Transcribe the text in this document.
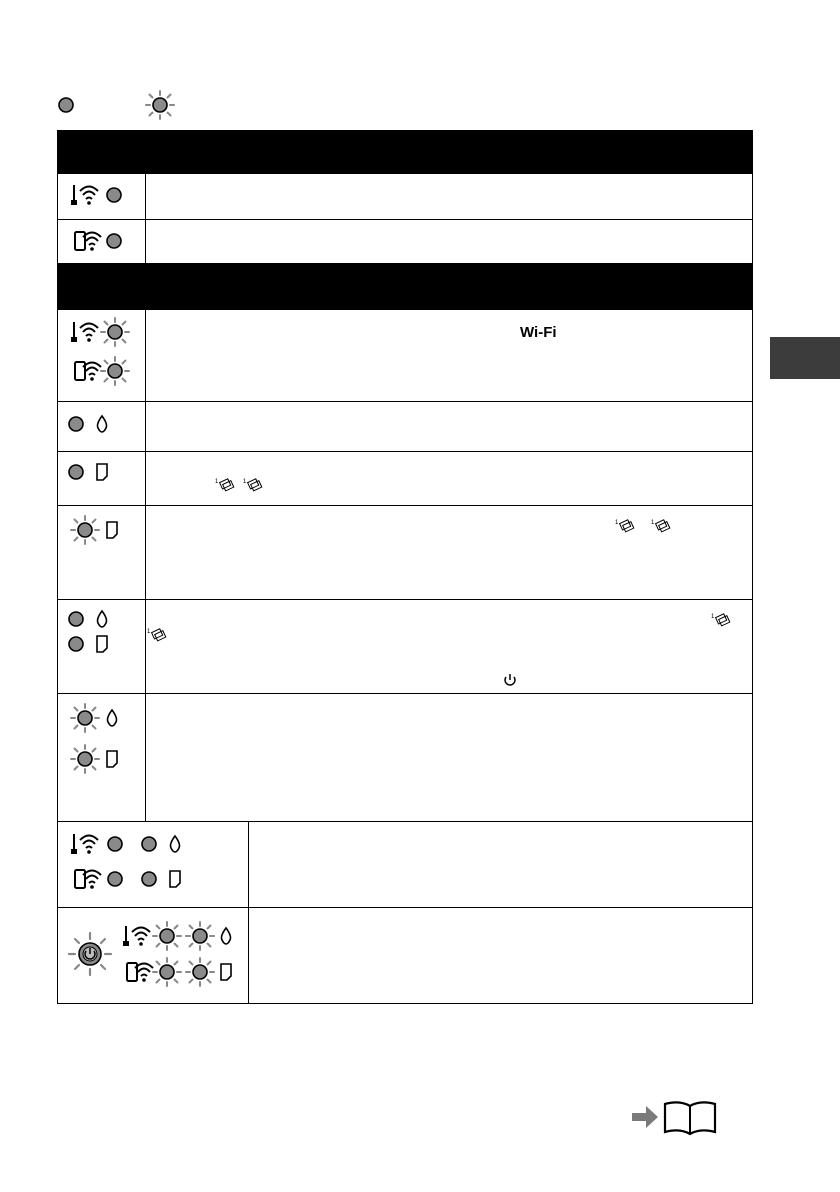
Wi-Fi
